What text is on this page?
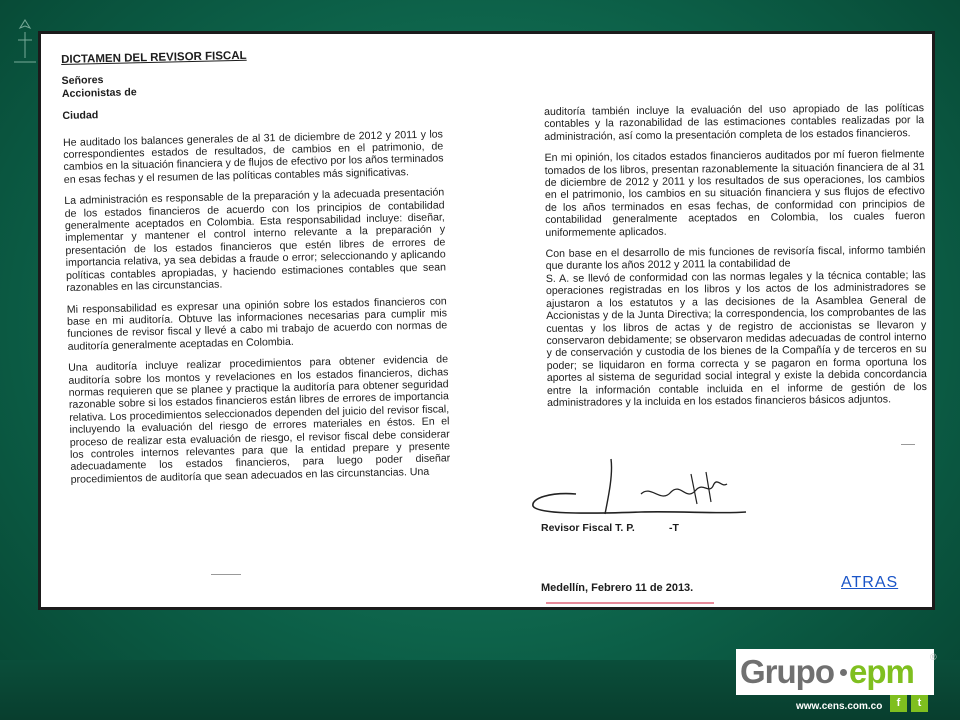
DICTAMEN DEL REVISOR FISCAL
Señores
Accionistas de
Ciudad

He auditado los balances generales de al 31 de diciembre de 2012 y 2011 y los correspondientes estados de resultados, de cambios en el patrimonio, de cambios en la situación financiera y de flujos de efectivo por los años terminados en esas fechas y el resumen de las políticas contables más significativas.

La administración es responsable de la preparación y la adecuada presentación de los estados financieros de acuerdo con los principios de contabilidad generalmente aceptados en Colombia. Esta responsabilidad incluye: diseñar, implementar y mantener el control interno relevante a la preparación y presentación de los estados financieros que estén libres de errores de importancia relativa, ya sea debidas a fraude o error; seleccionando y aplicando políticas contables apropiadas, y haciendo estimaciones contables que sean razonables en las circunstancias.

Mi responsabilidad es expresar una opinión sobre los estados financieros con base en mi auditoría. Obtuve las informaciones necesarias para cumplir mis funciones de revisor fiscal y llevé a cabo mi trabajo de acuerdo con normas de auditoría generalmente aceptadas en Colombia.

Una auditoría incluye realizar procedimientos para obtener evidencia de auditoría sobre los montos y revelaciones en los estados financieros, dichas normas requieren que se planee y practique la auditoría para obtener seguridad razonable sobre si los estados financieros están libres de errores de importancia relativa. Los procedimientos seleccionados dependen del juicio del revisor fiscal, incluyendo la evaluación del riesgo de errores materiales en éstos. En el proceso de realizar esta evaluación de riesgo, el revisor fiscal debe considerar los controles internos relevantes para que la entidad prepare y presente adecuadamente los estados financieros, para luego poder diseñar procedimientos de auditoría que sean adecuados en las circunstancias. Una

auditoría también incluye la evaluación del uso apropiado de las políticas contables y la razonabilidad de las estimaciones contables realizadas por la administración, así como la presentación completa de los estados financieros.

En mi opinión, los citados estados financieros auditados por mí fueron fielmente tomados de los libros, presentan razonablemente la situación financiera de al 31 de diciembre de 2012 y 2011 y los resultados de sus operaciones, los cambios en el patrimonio, los cambios en su situación financiera y sus flujos de efectivo de los años terminados en esas fechas, de conformidad con principios de contabilidad generalmente aceptados en Colombia, los cuales fueron uniformemente aplicados.

Con base en el desarrollo de mis funciones de revisoría fiscal, informo también que durante los años 2012 y 2011 la contabilidad de

S. A. se llevó de conformidad con las normas legales y la técnica contable; las operaciones registradas en los libros y los actos de los administradores se ajustaron a los estatutos y a las decisiones de la Asamblea General de Accionistas y de la Junta Directiva; la correspondencia, los comprobantes de las cuentas y los libros de actas y de registro de accionistas se llevaron y conservaron debidamente; se observaron medidas adecuadas de control interno y de conservación y custodia de los bienes de la Compañía y de terceros en su poder; se liquidaron en forma correcta y se pagaron en forma oportuna los aportes al sistema de seguridad social integral y existe la debida concordancia entre la información contable incluida en el informe de gestión de los administradores y la incluida en los estados financieros básicos adjuntos.

Revisor Fiscal T. P.	-T
Medellín, Febrero 11 de 2013.	ATRAS
Grupo epm ®
www.cens.com.co	f	t
